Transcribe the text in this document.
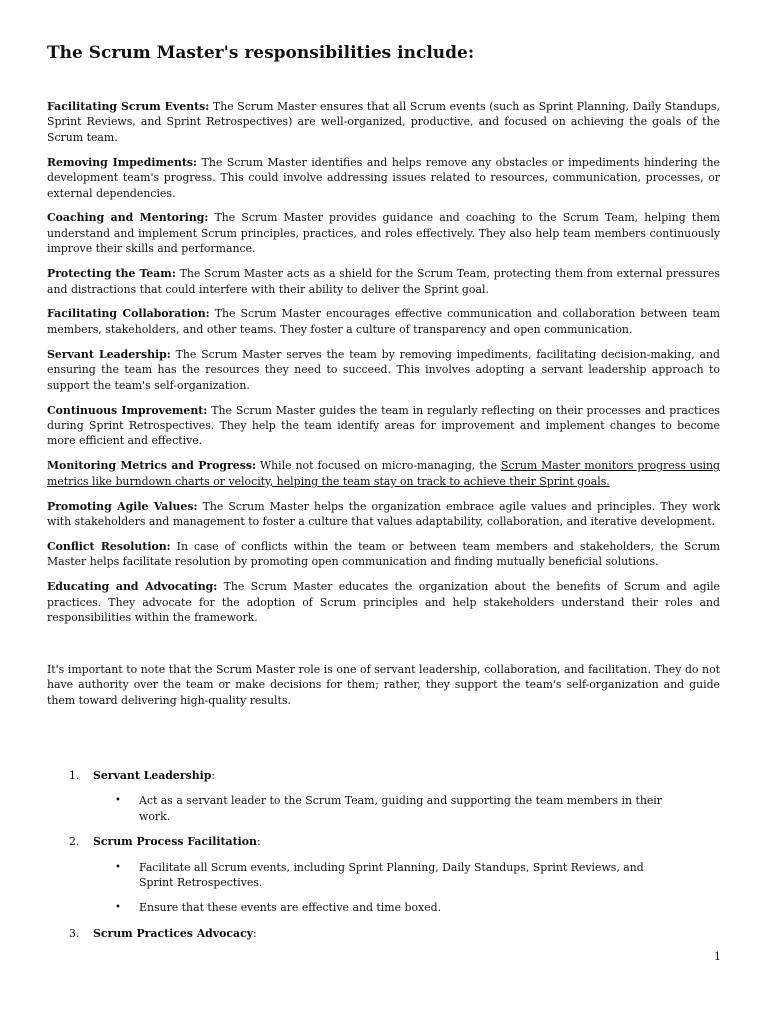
The Scrum Master's responsibilities include:

Facilitating Scrum Events: The Scrum Master ensures that all Scrum events (such as Sprint Planning, Daily Standups, Sprint Reviews, and Sprint Retrospectives) are well-organized, productive, and focused on achieving the goals of the Scrum team.

Removing Impediments: The Scrum Master identifies and helps remove any obstacles or impediments hindering the development team's progress. This could involve addressing issues related to resources, communication, processes, or external dependencies.

Coaching and Mentoring: The Scrum Master provides guidance and coaching to the Scrum Team, helping them understand and implement Scrum principles, practices, and roles effectively. They also help team members continuously improve their skills and performance.

Protecting the Team: The Scrum Master acts as a shield for the Scrum Team, protecting them from external pressures and distractions that could interfere with their ability to deliver the Sprint goal.

Facilitating Collaboration: The Scrum Master encourages effective communication and collaboration between team members, stakeholders, and other teams. They foster a culture of transparency and open communication.

Servant Leadership: The Scrum Master serves the team by removing impediments, facilitating decision-making, and ensuring the team has the resources they need to succeed. This involves adopting a servant leadership approach to support the team's self-organization.

Continuous Improvement: The Scrum Master guides the team in regularly reflecting on their processes and practices during Sprint Retrospectives. They help the team identify areas for improvement and implement changes to become more efficient and effective.

Monitoring Metrics and Progress: While not focused on micro-managing, the Scrum Master monitors progress using metrics like burndown charts or velocity, helping the team stay on track to achieve their Sprint goals.

Promoting Agile Values: The Scrum Master helps the organization embrace agile values and principles. They work with stakeholders and management to foster a culture that values adaptability, collaboration, and iterative development.

Conflict Resolution: In case of conflicts within the team or between team members and stakeholders, the Scrum Master helps facilitate resolution by promoting open communication and finding mutually beneficial solutions.

Educating and Advocating: The Scrum Master educates the organization about the benefits of Scrum and agile practices. They advocate for the adoption of Scrum principles and help stakeholders understand their roles and responsibilities within the framework.

It's important to note that the Scrum Master role is one of servant leadership, collaboration, and facilitation. They do not have authority over the team or make decisions for them; rather, they support the team's self-organization and guide them toward delivering high-quality results.

1. Servant Leadership:
• Act as a servant leader to the Scrum Team, guiding and supporting the team members in their work.
2. Scrum Process Facilitation:
• Facilitate all Scrum events, including Sprint Planning, Daily Standups, Sprint Reviews, and Sprint Retrospectives.
• Ensure that these events are effective and time boxed.
3. Scrum Practices Advocacy:
1
